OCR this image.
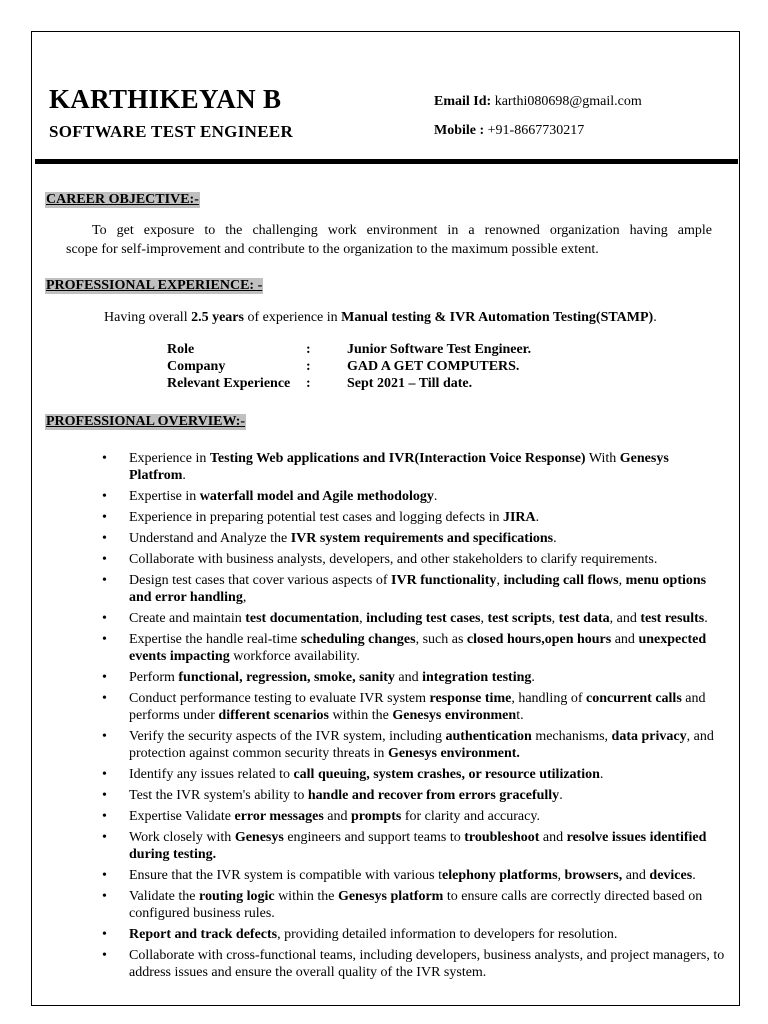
KARTHIKEYAN B
SOFTWARE TEST ENGINEER
Email Id: karthi080698@gmail.com
Mobile : +91-8667730217
CAREER OBJECTIVE:-
To get exposure to the challenging work environment in a renowned organization having ample
scope for self-improvement and contribute to the organization to the maximum possible extent.
PROFESSIONAL EXPERIENCE: -
Having overall 2.5 years of experience in Manual testing & IVR Automation Testing(STAMP).
Role	:	Junior Software Test Engineer.
Company	:	GAD A GET COMPUTERS.
Relevant Experience :	Sept 2021 – Till date.
PROFESSIONAL OVERVIEW:-
• Experience in Testing Web applications and IVR(Interaction Voice Response) With Genesys Platfrom.
• Expertise in waterfall model and Agile methodology.
• Experience in preparing potential test cases and logging defects in JIRA.
• Understand and Analyze the IVR system requirements and specifications.
• Collaborate with business analysts, developers, and other stakeholders to clarify requirements.
• Design test cases that cover various aspects of IVR functionality, including call flows, menu options and error handling,
• Create and maintain test documentation, including test cases, test scripts, test data, and test results.
• Expertise the handle real-time scheduling changes, such as closed hours,open hours and unexpected events impacting workforce availability.
• Perform functional, regression, smoke, sanity and integration testing.
• Conduct performance testing to evaluate IVR system response time, handling of concurrent calls and performs under different scenarios within the Genesys environment.
• Verify the security aspects of the IVR system, including authentication mechanisms, data privacy, and protection against common security threats in Genesys environment.
• Identify any issues related to call queuing, system crashes, or resource utilization.
• Test the IVR system's ability to handle and recover from errors gracefully.
• Expertise Validate error messages and prompts for clarity and accuracy.
• Work closely with Genesys engineers and support teams to troubleshoot and resolve issues identified during testing.
• Ensure that the IVR system is compatible with various telephony platforms, browsers, and devices.
• Validate the routing logic within the Genesys platform to ensure calls are correctly directed based on configured business rules.
• Report and track defects, providing detailed information to developers for resolution.
• Collaborate with cross-functional teams, including developers, business analysts, and project managers, to address issues and ensure the overall quality of the IVR system.
